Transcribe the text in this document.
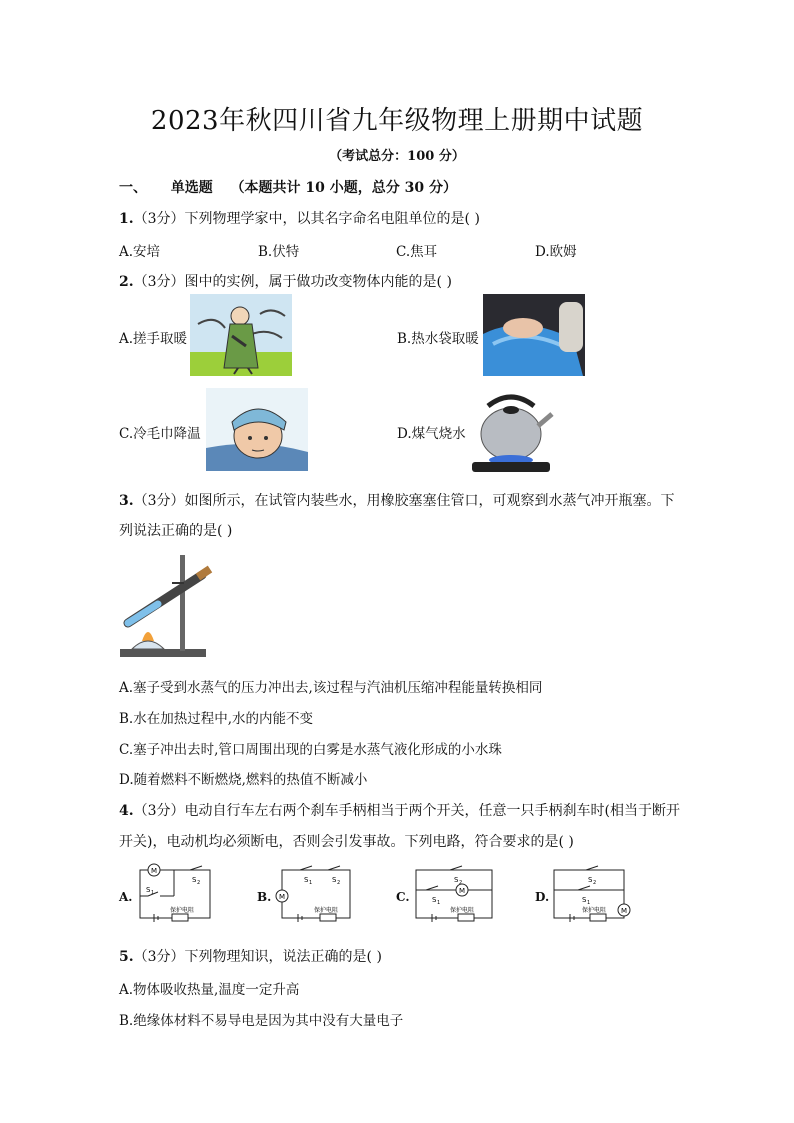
2023年秋四川省九年级物理上册期中试题
（考试总分：100 分）
一、 单选题 （本题共计 10 小题，总分 30 分）
1.（3分）下列物理学家中，以其名字命名电阻单位的是( )
A.安培	B.伏特	C.焦耳	D.欧姆
2.（3分）图中的实例，属于做功改变物体内能的是( )
A.搓手取暖	B.热水袋取暖
C.冷毛巾降温	D.煤气烧水
3.（3分）如图所示，在试管内装些水，用橡胶塞塞住管口，可观察到水蒸气冲开瓶塞。下
列说法正确的是( )
A.塞子受到水蒸气的压力冲出去,该过程与汽油机压缩冲程能量转换相同
B.水在加热过程中,水的内能不变
C.塞子冲出去时,管口周围出现的白雾是水蒸气液化形成的小水珠
D.随着燃料不断燃烧,燃料的热值不断减小
4.（3分）电动自行车左右两个刹车手柄相当于两个开关，任意一只手柄刹车时(相当于断开
开关)，电动机均必须断电，否则会引发事故。下列电路，符合要求的是( )
A.
M
S 2
S 1
保护电阻
B. M
S 1	S 2
保护电阻
C.
S 2
M
S 1
保护电阻
D.
S 2
S 1
M
保护电阻
5.（3分）下列物理知识，说法正确的是( )
A.物体吸收热量,温度一定升高
B.绝缘体材料不易导电是因为其中没有大量电子
